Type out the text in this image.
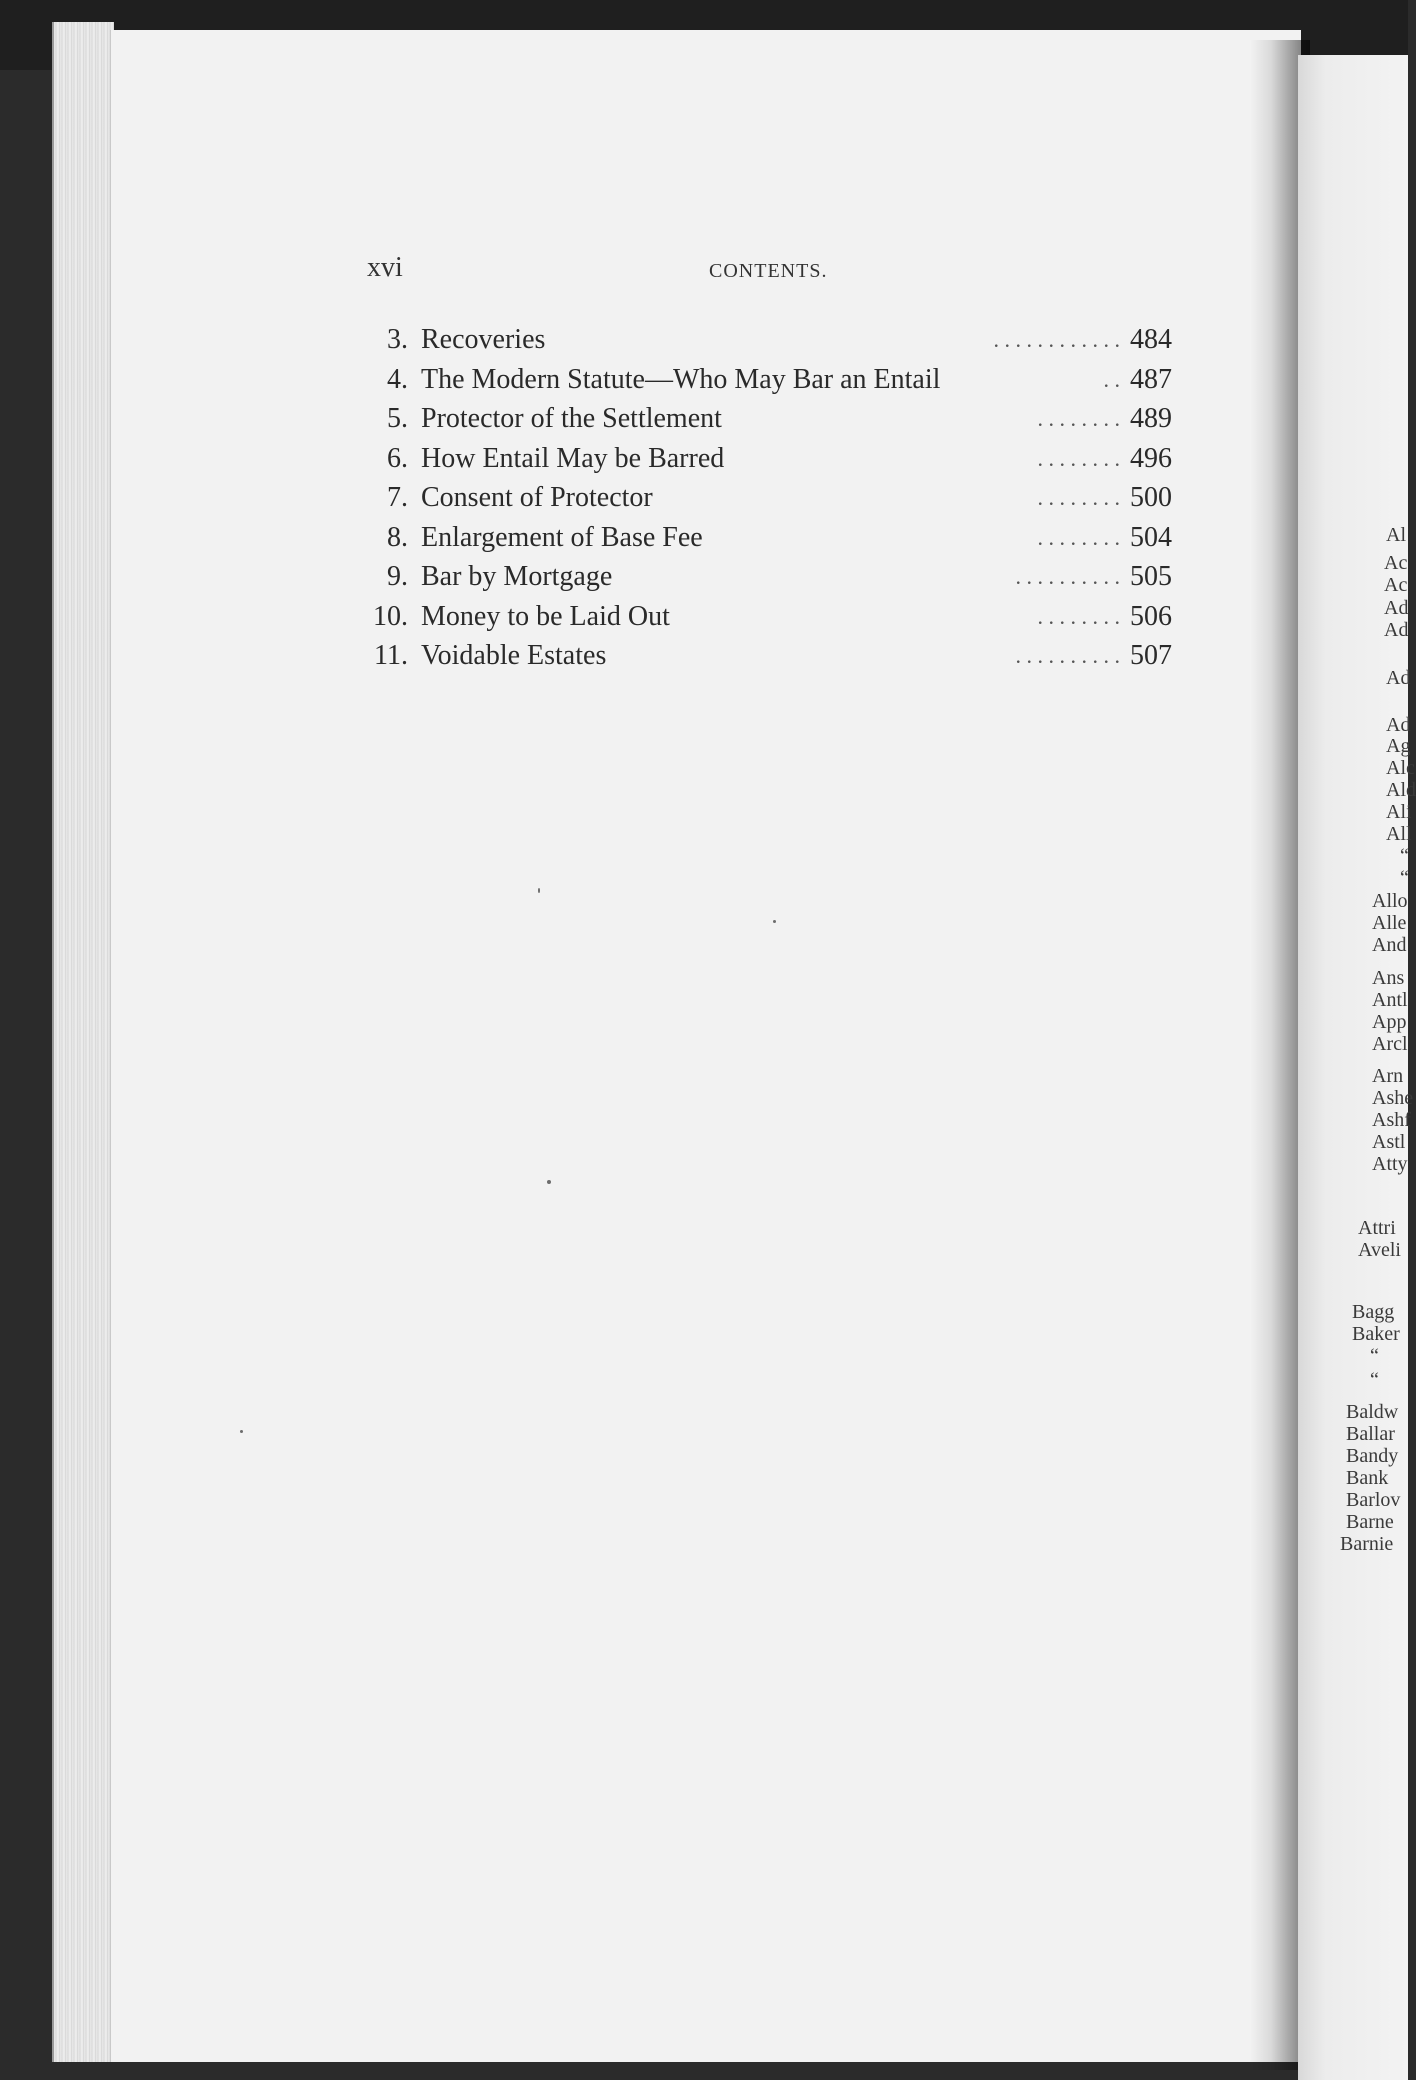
xvi	CONTENTS.
3. Recoveries	. . . . . . . . . . . . 484
4. The Modern Statute—Who May Bar an Entail	. . 487
5. Protector of the Settlement	. . . . . . . . 489
6. How Entail May be Barred	. . . . . . . . 496
7. Consent of Protector	. . . . . . . . 500
8. Enlargement of Base Fee	. . . . . . . . 504
9. Bar by Mortgage	. . . . . . . . . . 505
10. Money to be Laid Out	. . . . . . . . 506
11. Voidable Estates	. . . . . . . . . . 507
Al
Ac
Ac
Ad
Ad
Ad
Ad
Ag
Alc
Ald
Ali
All
“
“
Allo
Alle
And
Ans
Antl
App
Arcl
Arn
Ashe
Ashf
Astl
Atty
Attri
Aveli
Bagg
Baker
“
“
Baldw
Ballar
Bandy
Bank
Barlov
Barne
Barnie
